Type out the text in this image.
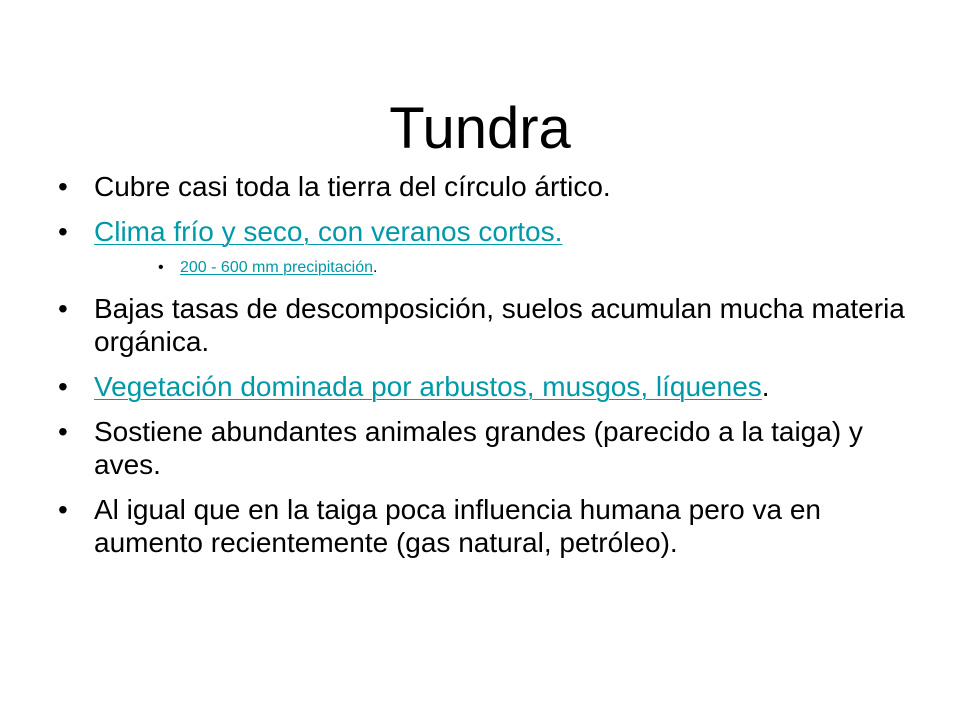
Tundra
• Cubre casi toda la tierra del círculo ártico.
• Clima frío y seco, con veranos cortos.
• 200 - 600 mm precipitación.
• Bajas tasas de descomposición, suelos acumulan mucha materia orgánica.
• Vegetación dominada por arbustos, musgos, líquenes.
• Sostiene abundantes animales grandes (parecido a la taiga) y aves.
• Al igual que en la taiga poca influencia humana pero va en aumento recientemente (gas natural, petróleo).
